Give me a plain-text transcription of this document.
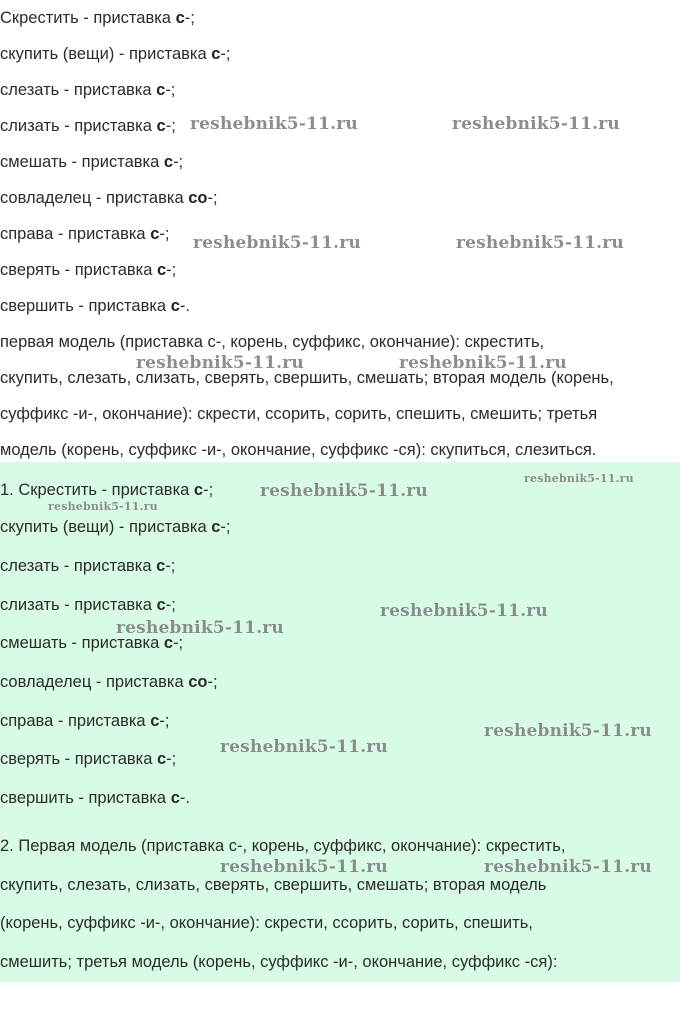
Скрестить - приставка с-;
скупить (вещи) - приставка с-;
слезать - приставка с-;
слизать - приставка с-;
смешать - приставка с-;
совладелец - приставка со-;
справа - приставка с-;
сверять - приставка с-;
свершить - приставка с-.
первая модель (приставка с-, корень, суффикс, окончание): скрестить,
скупить, слезать, слизать, сверять, свершить, смешать; вторая модель (корень,
суффикс -и-, окончание): скрести, ссорить, сорить, спешить, смешить; третья
модель (корень, суффикс -и-, окончание, суффикс -ся): скупиться, слезиться.
1. Скрестить - приставка с-;
скупить (вещи) - приставка с-;
слезать - приставка с-;
слизать - приставка с-;
смешать - приставка с-;
совладелец - приставка со-;
справа - приставка с-;
сверять - приставка с-;
свершить - приставка с-.
2. Первая модель (приставка с-, корень, суффикс, окончание): скрестить,
скупить, слезать, слизать, сверять, свершить, смешать; вторая модель
(корень, суффикс -и-, окончание): скрести, ссорить, сорить, спешить,
смешить; третья модель (корень, суффикс -и-, окончание, суффикс -ся):
reshebnik5-11.ru	reshebnik5-11.ru
reshebnik5-11.ru	reshebnik5-11.ru
reshebnik5-11.ru	reshebnik5-11.ru
reshebnik5-11.ru
reshebnik5-11.ru
reshebnik5-11.ru
reshebnik5-11.ru
reshebnik5-11.ru
reshebnik5-11.ru
reshebnik5-11.ru
reshebnik5-11.ru	reshebnik5-11.ru
